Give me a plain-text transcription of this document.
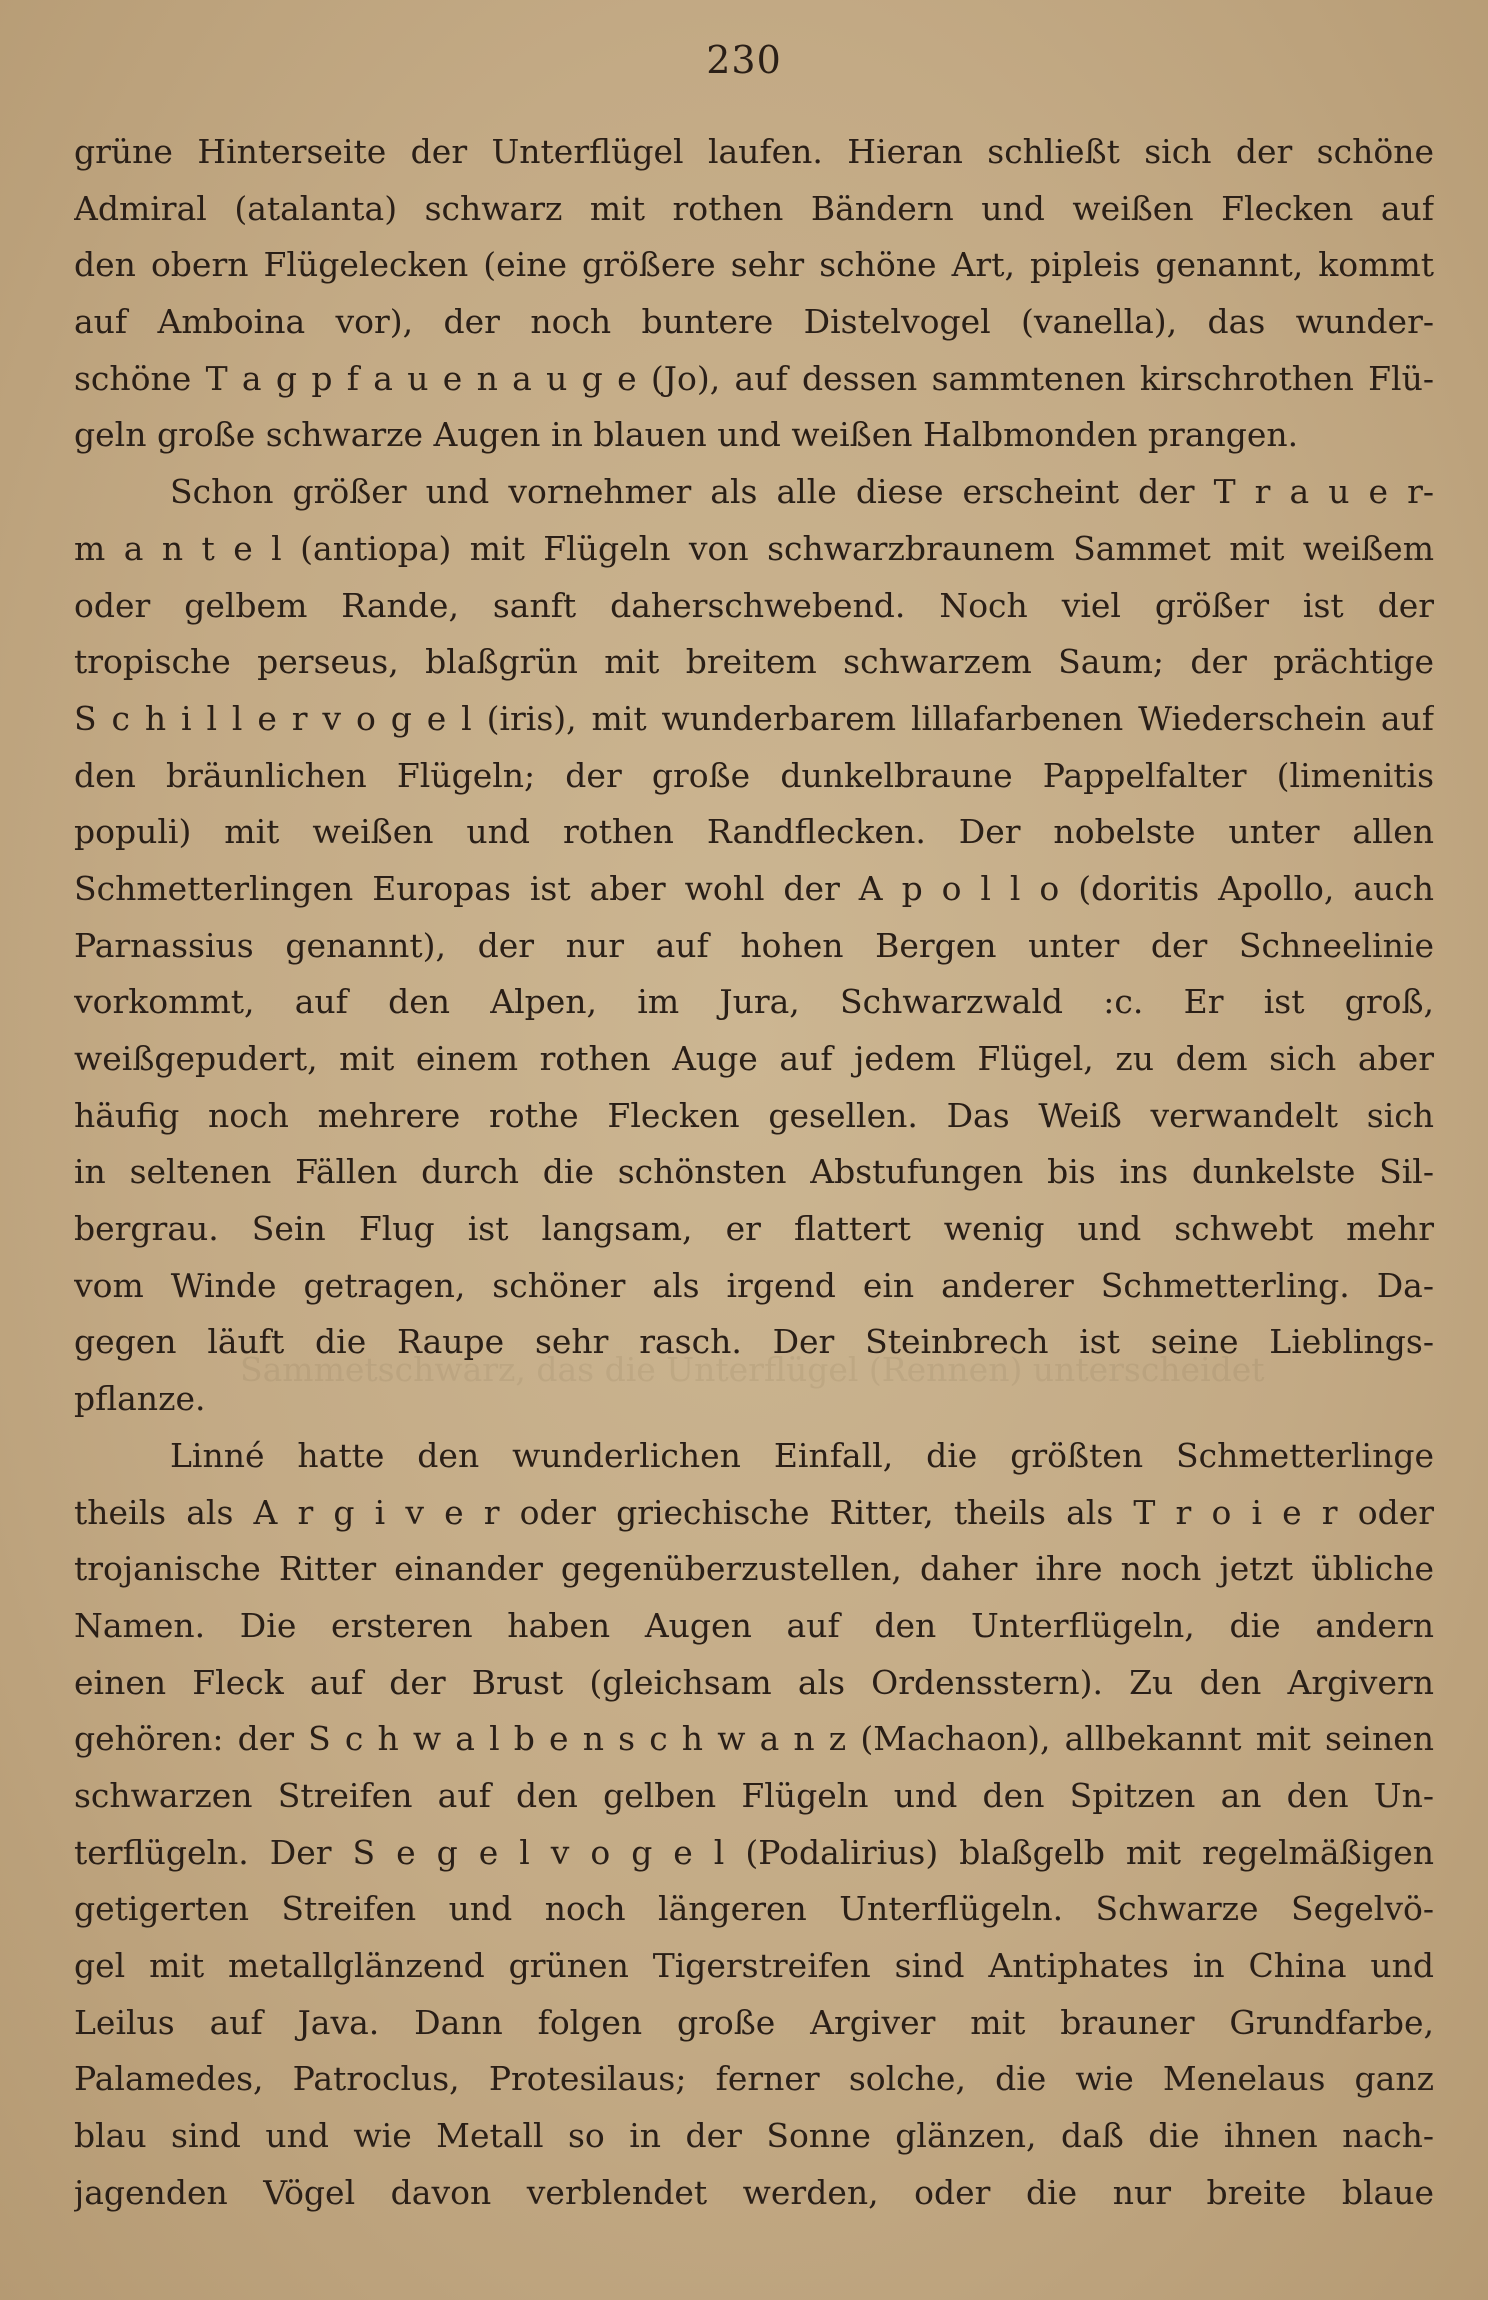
230
Sammetschwarz, das die Unterflügel (Rennen) unterscheidet
grüne Hinterseite der Unterflügel laufen. Hieran schließt sich der schöne
Admiral (atalanta) schwarz mit rothen Bändern und weißen Flecken auf
den obern Flügelecken (eine größere sehr schöne Art, pipleis genannt, kommt
auf Amboina vor), der noch buntere Distelvogel (vanella), das wunder-
schöne T a g p f a u e n a u g e (Jo), auf dessen sammtenen kirschrothen Flü-
geln große schwarze Augen in blauen und weißen Halbmonden prangen.
Schon größer und vornehmer als alle diese erscheint der T r a u e r-
m a n t e l (antiopa) mit Flügeln von schwarzbraunem Sammet mit weißem
oder gelbem Rande, sanft daherschwebend. Noch viel größer ist der
tropische perseus, blaßgrün mit breitem schwarzem Saum; der prächtige
S c h i l l e r v o g e l (iris), mit wunderbarem lillafarbenen Wiederschein auf
den bräunlichen Flügeln; der große dunkelbraune Pappelfalter (limenitis
populi) mit weißen und rothen Randflecken. Der nobelste unter allen
Schmetterlingen Europas ist aber wohl der A p o l l o (doritis Apollo, auch
Parnassius genannt), der nur auf hohen Bergen unter der Schneelinie
vorkommt, auf den Alpen, im Jura, Schwarzwald :c. Er ist groß,
weißgepudert, mit einem rothen Auge auf jedem Flügel, zu dem sich aber
häufig noch mehrere rothe Flecken gesellen. Das Weiß verwandelt sich
in seltenen Fällen durch die schönsten Abstufungen bis ins dunkelste Sil-
bergrau. Sein Flug ist langsam, er flattert wenig und schwebt mehr
vom Winde getragen, schöner als irgend ein anderer Schmetterling. Da-
gegen läuft die Raupe sehr rasch. Der Steinbrech ist seine Lieblings-
pflanze.
Linné hatte den wunderlichen Einfall, die größten Schmetterlinge
theils als A r g i v e r oder griechische Ritter, theils als T r o i e r oder
trojanische Ritter einander gegenüberzustellen, daher ihre noch jetzt übliche
Namen. Die ersteren haben Augen auf den Unterflügeln, die andern
einen Fleck auf der Brust (gleichsam als Ordensstern). Zu den Argivern
gehören: der S c h w a l b e n s c h w a n z (Machaon), allbekannt mit seinen
schwarzen Streifen auf den gelben Flügeln und den Spitzen an den Un-
terflügeln. Der S e g e l v o g e l (Podalirius) blaßgelb mit regelmäßigen
getigerten Streifen und noch längeren Unterflügeln. Schwarze Segelvö-
gel mit metallglänzend grünen Tigerstreifen sind Antiphates in China und
Leilus auf Java. Dann folgen große Argiver mit brauner Grundfarbe,
Palamedes, Patroclus, Protesilaus; ferner solche, die wie Menelaus ganz
blau sind und wie Metall so in der Sonne glänzen, daß die ihnen nach-
jagenden Vögel davon verblendet werden, oder die nur breite blaue
